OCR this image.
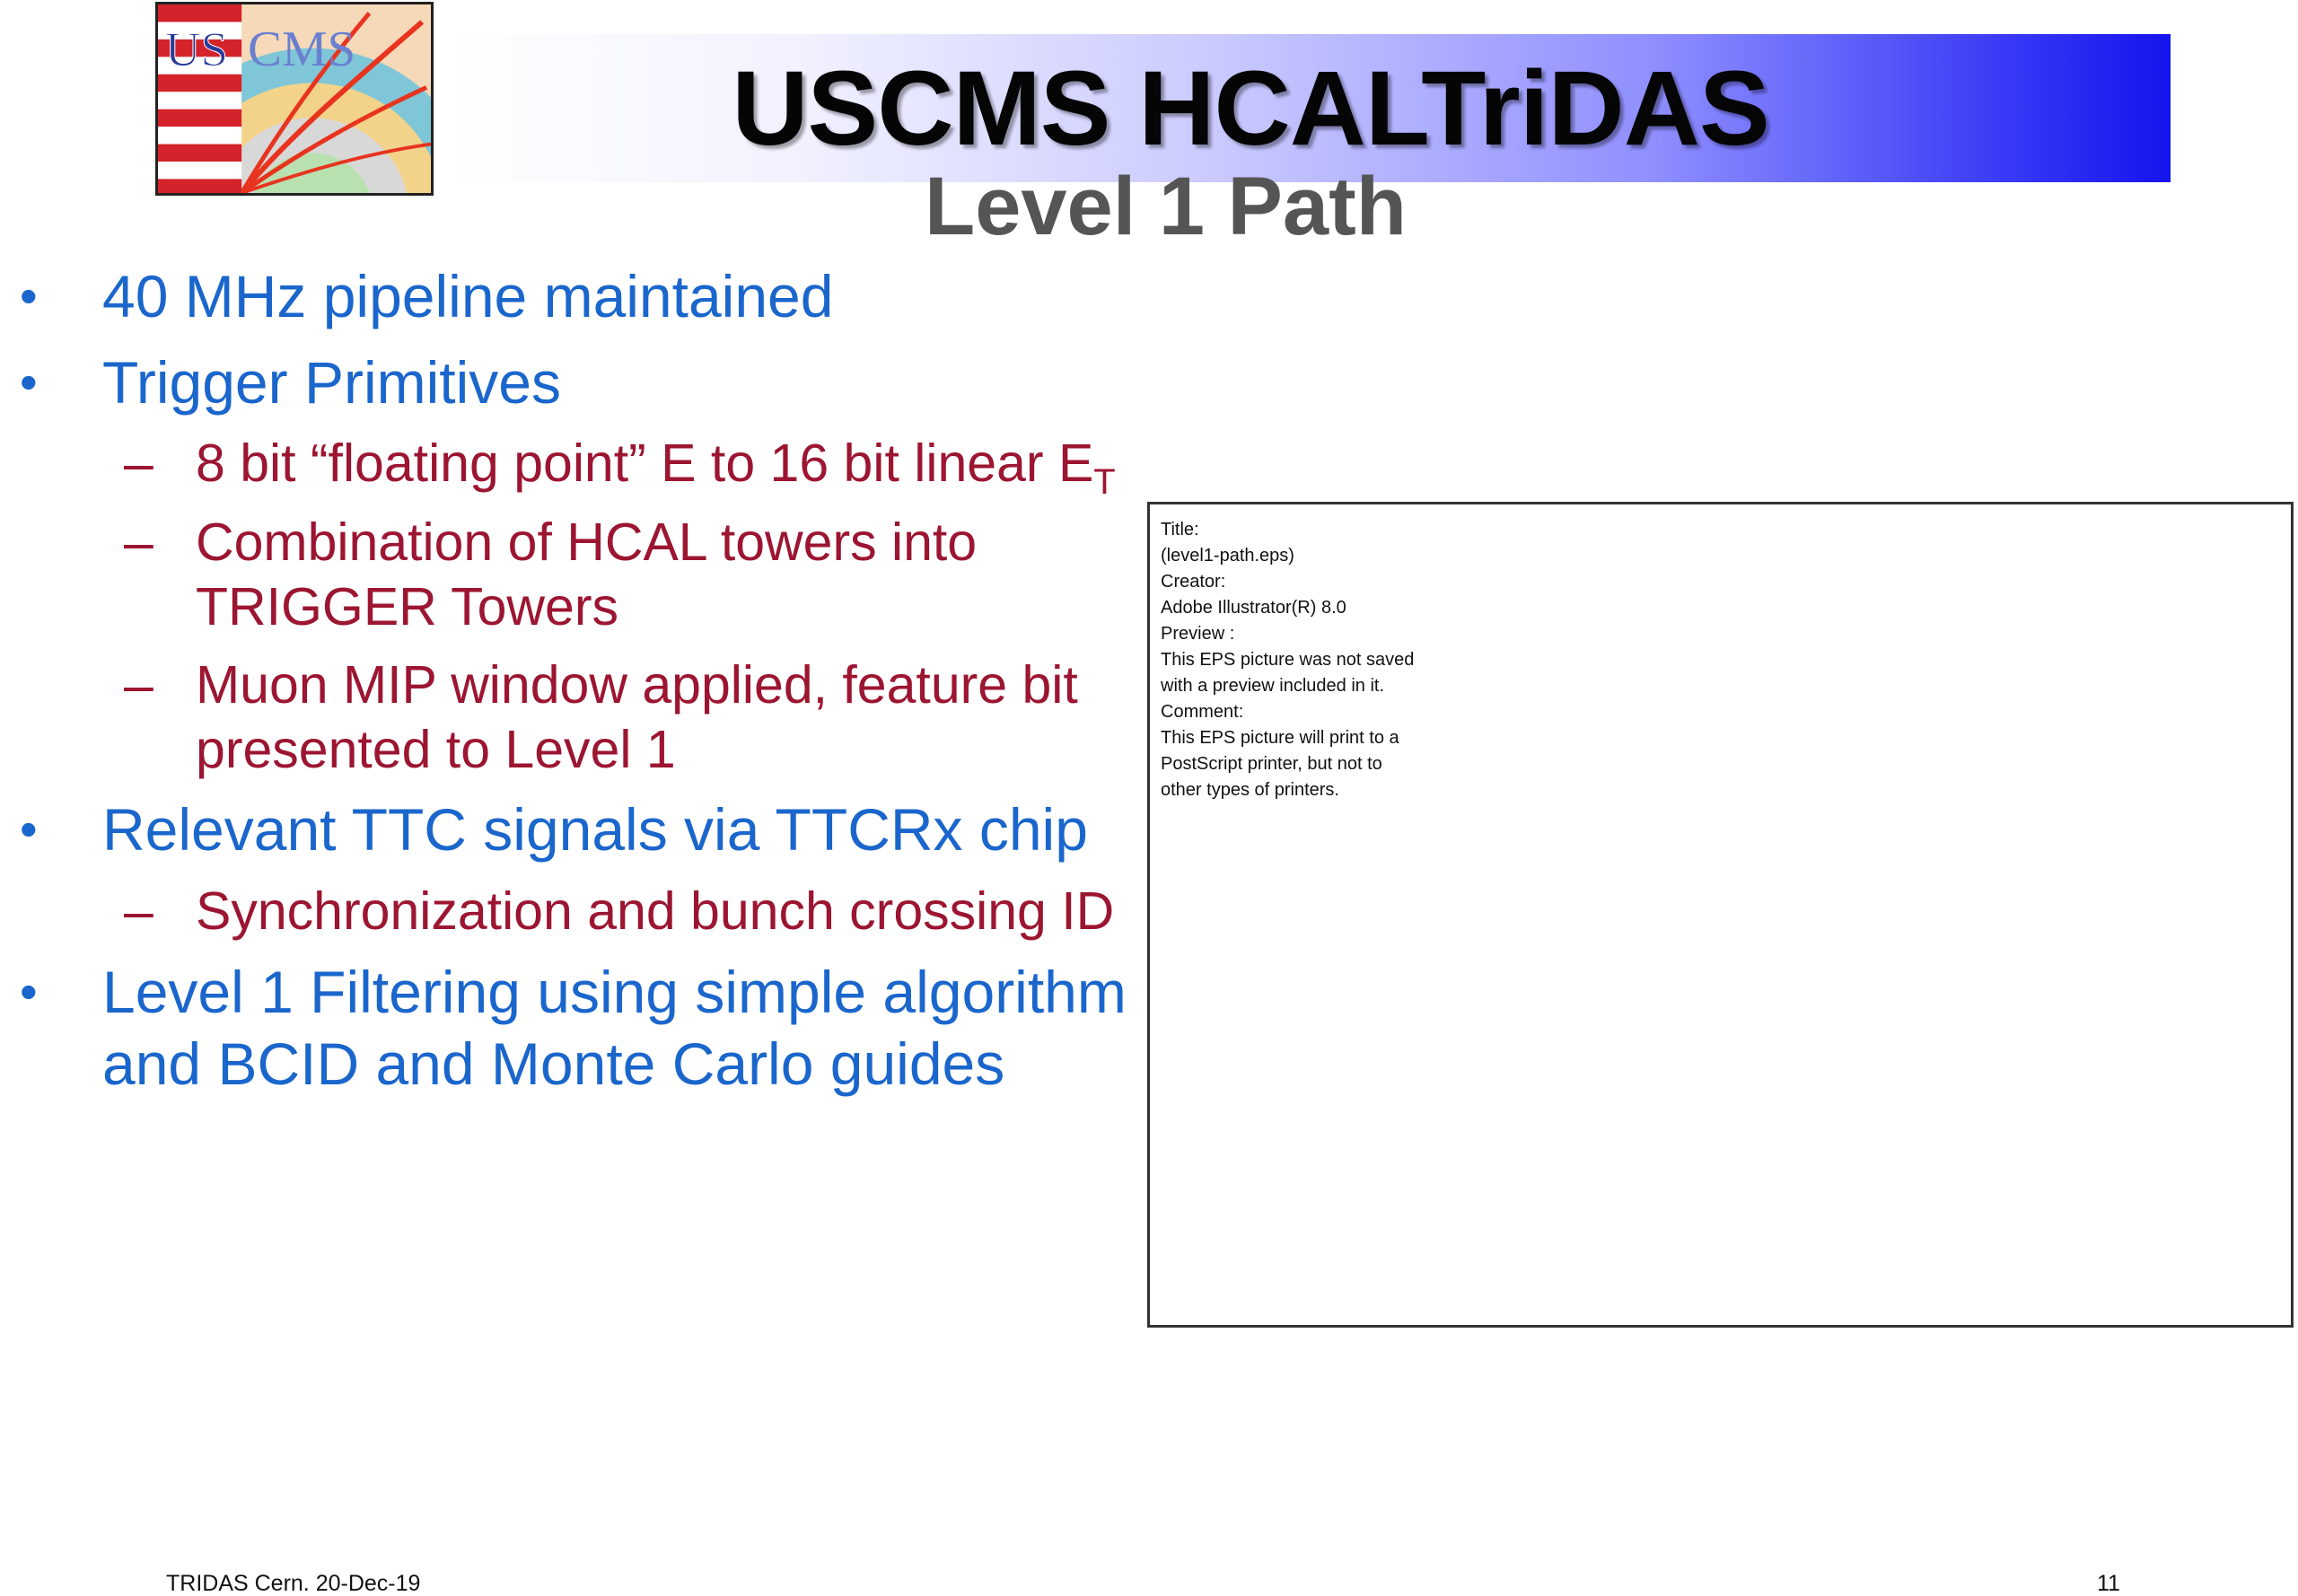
US CMS	USCMS HCALTriDAS
Level 1 Path
• 40 MHz pipeline maintained
• Trigger Primitives
– 8 bit “floating point” E to 16 bit linear $E_T$
– Combination of HCAL towers into
TRIGGER Towers
– Muon MIP window applied, feature bit
presented to Level 1
• Relevant TTC signals via TTCRx chip
– Synchronization and bunch crossing ID
• Level 1 Filtering using simple algorithm
and BCID and Monte Carlo guides
Title:
(level1-path.eps)
Creator:
Adobe Illustrator(R) 8.0
Preview :
This EPS picture was not saved
with a preview included in it.
Comment:
This EPS picture will print to a
PostScript printer, but not to
other types of printers.
TRIDAS Cern. 20-Dec-19	11
